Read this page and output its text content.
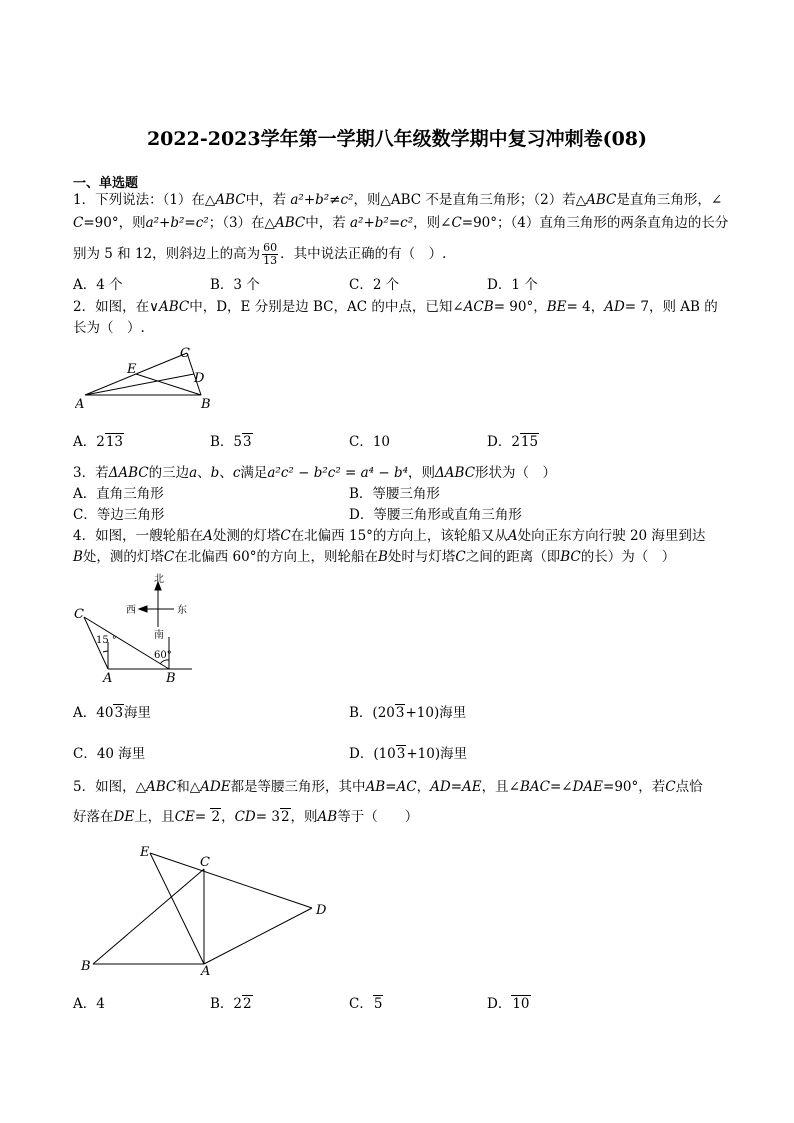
2022-2023学年第一学期八年级数学期中复习冲刺卷(08)
一、单选题
1．下列说法：（1）在△ABC中，若 a²+b²≠c²，则△ABC 不是直角三角形；（2）若△ABC是直角三角形，∠
C=90°，则a²+b²=c²；（3）在△ABC中，若 a²+b²=c²，则∠C=90°；（4）直角三角形的两条直角边的长分
别为 5 和 12，则斜边上的高为 $\frac{60}{13}$ ．其中说法正确的有（　）.
A．4 个	B．3 个	C．2 个	D．1 个
2．如图，在∨ABC中，D，E 分别是边 BC，AC 的中点，已知∠ACB= 90°，BE= 4，AD= 7，则 AB 的
长为（　）.
A	B
C
D
E
A．213	B．53	C．10	D．215
3．若ΔABC的三边a、b、c满足a²c² − b²c² = a⁴ − b⁴，则ΔABC形状为（　）
A．直角三角形	B．等腰三角形
C．等边三角形	D．等腰三角形或直角三角形
4．如图，一艘轮船在A处测的灯塔C在北偏西 15°的方向上，该轮船又从A处向正东方向行驶 20 海里到达
B处，测的灯塔C在北偏西 60°的方向上，则轮船在B处时与灯塔C之间的距离（即BC的长）为（　）
北
西	东
南
15 °
60°
C
A	B
A．403海里	B．(203+10)海里
C．40 海里	D．(103+10)海里
5．如图，△ABC和△ADE都是等腰三角形，其中AB=AC，AD=AE，且∠BAC=∠DAE=90°，若C点恰
好落在DE上，且CE= 2，CD= 32，则AB等于（　　）
E
C
D
B	A
A．4	B．22	C．5	D．10
